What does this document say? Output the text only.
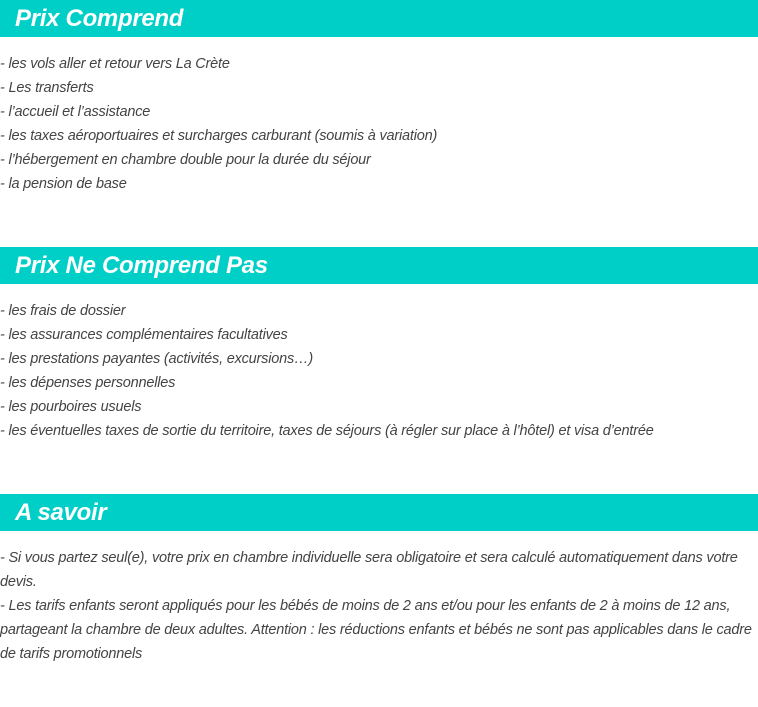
Prix Comprend
- les vols aller et retour vers La Crète
- Les transferts
- l’accueil et l’assistance
- les taxes aéroportuaires et surcharges carburant (soumis à variation)
- l’hébergement en chambre double pour la durée du séjour
- la pension de base
Prix Ne Comprend Pas
- les frais de dossier
- les assurances complémentaires facultatives
- les prestations payantes (activités, excursions…)
- les dépenses personnelles
- les pourboires usuels
- les éventuelles taxes de sortie du territoire, taxes de séjours (à régler sur place à l’hôtel) et visa d’entrée
A savoir

- Si vous partez seul(e), votre prix en chambre individuelle sera obligatoire et sera calculé automatiquement dans votre devis.

- Les tarifs enfants seront appliqués pour les bébés de moins de 2 ans et/ou pour les enfants de 2 à moins de 12 ans, partageant la chambre de deux adultes. Attention : les réductions enfants et bébés ne sont pas applicables dans le cadre de tarifs promotionnels
